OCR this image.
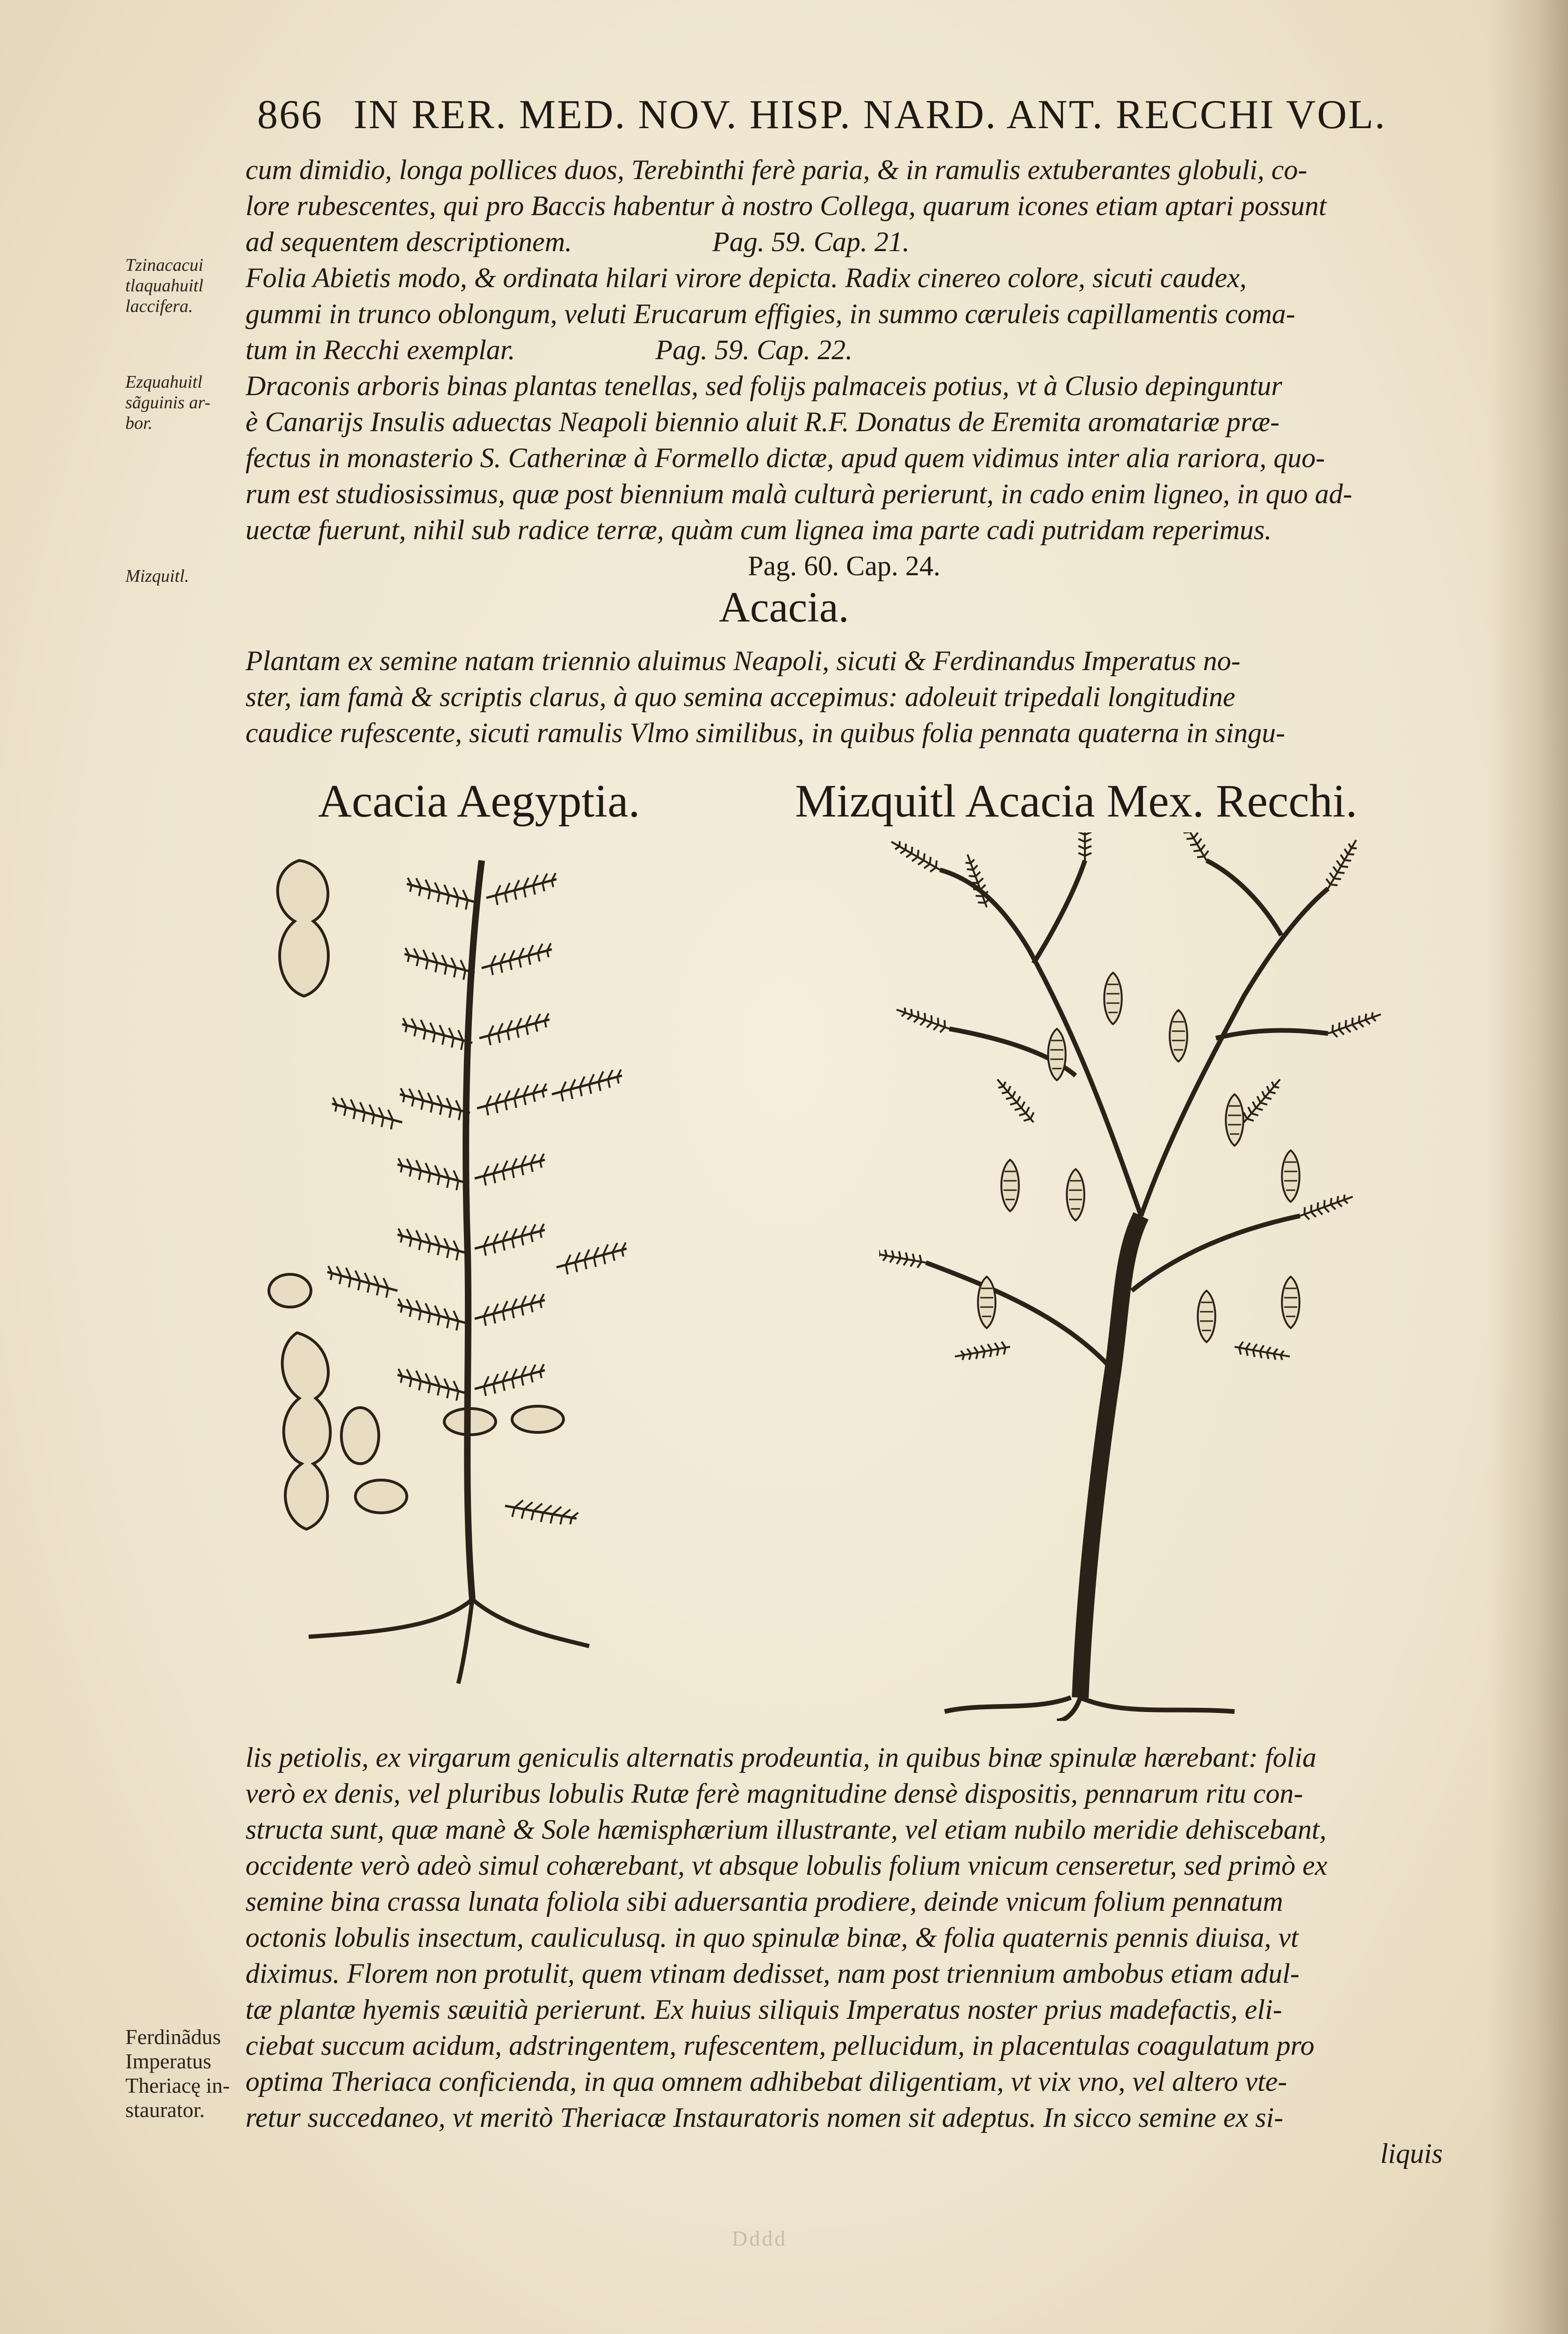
866 IN RER. MED. NOV. HISP. NARD. ANT. RECCHI VOL.
Tzinacacui
tlaquahuitl
laccifera.
Ezquahuitl
sãguinis ar-
bor.
Mizquitl.
Ferdinãdus
Imperatus
Theriacę in-
staurator.
cum dimidio, longa pollices duos, Terebinthi ferè paria, & in ramulis extuberantes globuli, co-
lore rubescentes, qui pro Baccis habentur à nostro Collega, quarum icones etiam aptari possunt
ad sequentem descriptionem.                    Pag. 59. Cap. 21.
Folia Abietis modo, & ordinata hilari virore depicta. Radix cinereo colore, sicuti caudex,
gummi in trunco oblongum, veluti Erucarum effigies, in summo cæruleis capillamentis coma-
tum in Recchi exemplar.                    Pag. 59. Cap. 22.
Draconis arboris binas plantas tenellas, sed folijs palmaceis potius, vt à Clusio depinguntur
è Canarijs Insulis aduectas Neapoli biennio aluit R.F. Donatus de Eremita aromatariæ præ-
fectus in monasterio S. Catherinæ à Formello dictæ, apud quem vidimus inter alia rariora, quo-
rum est studiosissimus, quæ post biennium malà culturà perierunt, in cado enim ligneo, in quo ad-
uectæ fuerunt, nihil sub radice terræ, quàm cum lignea ima parte cadi putridam reperimus.
Pag. 60. Cap. 24.
Acacia.
Plantam ex semine natam triennio aluimus Neapoli, sicuti & Ferdinandus Imperatus no-
ster, iam famà & scriptis clarus, à quo semina accepimus: adoleuit tripedali longitudine
caudice rufescente, sicuti ramulis Vlmo similibus, in quibus folia pennata quaterna in singu-
Acacia Aegyptia.	Mizquitl Acacia Mex. Recchi.
lis petiolis, ex virgarum geniculis alternatis prodeuntia, in quibus binæ spinulæ hærebant: folia
verò ex denis, vel pluribus lobulis Rutæ ferè magnitudine densè dispositis, pennarum ritu con-
structa sunt, quæ manè & Sole hæmisphærium illustrante, vel etiam nubilo meridie dehiscebant,
occidente verò adeò simul cohærebant, vt absque lobulis folium vnicum censeretur, sed primò ex
semine bina crassa lunata foliola sibi aduersantia prodiere, deinde vnicum folium pennatum
octonis lobulis insectum, cauliculusq. in quo spinulæ binæ, & folia quaternis pennis diuisa, vt
diximus. Florem non protulit, quem vtinam dedisset, nam post triennium ambobus etiam adul-
tæ plantæ hyemis sæuitià perierunt. Ex huius siliquis Imperatus noster prius madefactis, eli-
ciebat succum acidum, adstringentem, rufescentem, pellucidum, in placentulas coagulatum pro
optima Theriaca conficienda, in qua omnem adhibebat diligentiam, vt vix vno, vel altero vte-
retur succedaneo, vt meritò Theriacæ Instauratoris nomen sit adeptus. In sicco semine ex si-
liquis
Dddd
